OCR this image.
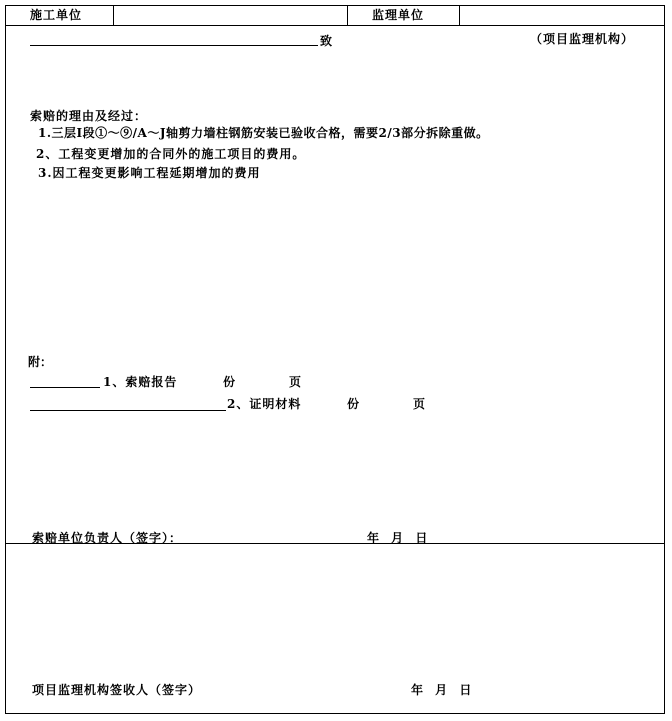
施工单位	监理单位
致	（项目监理机构）
索赔的理由及经过：
1.三层I段①～⑨/A～J轴剪力墙柱钢筋安装已验收合格，需要2/3部分拆除重做。
2、工程变更增加的合同外的施工项目的费用。
3.因工程变更影响工程延期增加的费用
附：
1、索赔报告	份	页
2、证明材料	份	页
索赔单位负责人（签字）：	年 月 日
项目监理机构签收人（签字）	年 月 日
